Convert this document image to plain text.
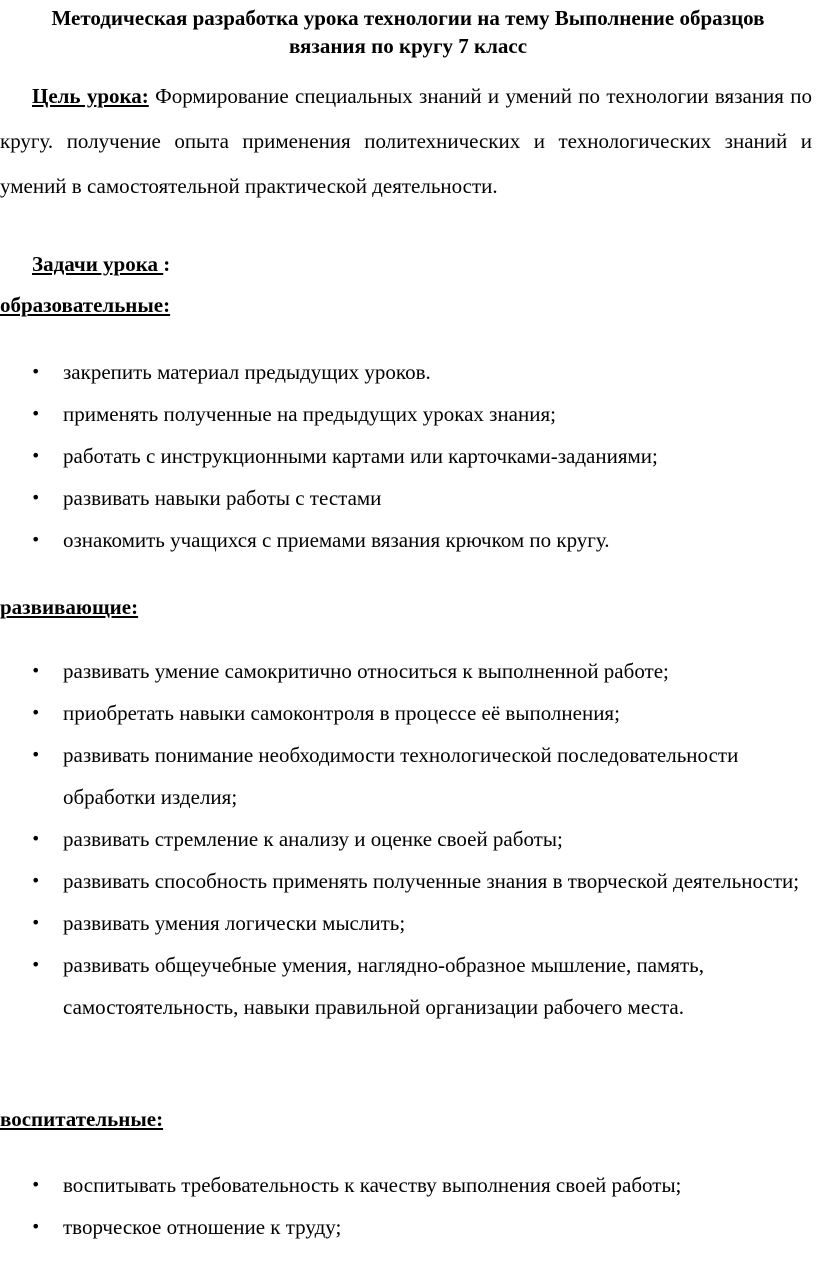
Методическая разработка урока технологии на тему Выполнение образцов вязания по кругу 7 класс
Цель урока: Формирование специальных знаний и умений по технологии вязания по кругу. получение опыта применения политехнических и технологических знаний и умений в самостоятельной практической деятельности.
Задачи урока :
образовательные:
• закрепить материал предыдущих уроков.
• применять полученные на предыдущих уроках знания;
• работать с инструкционными картами или карточками-заданиями;
• развивать навыки работы с тестами
• ознакомить учащихся с приемами вязания крючком по кругу.
развивающие:
• развивать умение самокритично относиться к выполненной работе;
• приобретать навыки самоконтроля в процессе её выполнения;
• развивать понимание необходимости технологической последовательности обработки изделия;
• развивать стремление к анализу и оценке своей работы;
• развивать способность применять полученные знания в творческой деятельности;
• развивать умения логически мыслить;
• развивать общеучебные умения, наглядно-образное мышление, память, самостоятельность, навыки правильной организации рабочего места.
воспитательные:
• воспитывать требовательность к качеству выполнения своей работы;
• творческое отношение к труду;
